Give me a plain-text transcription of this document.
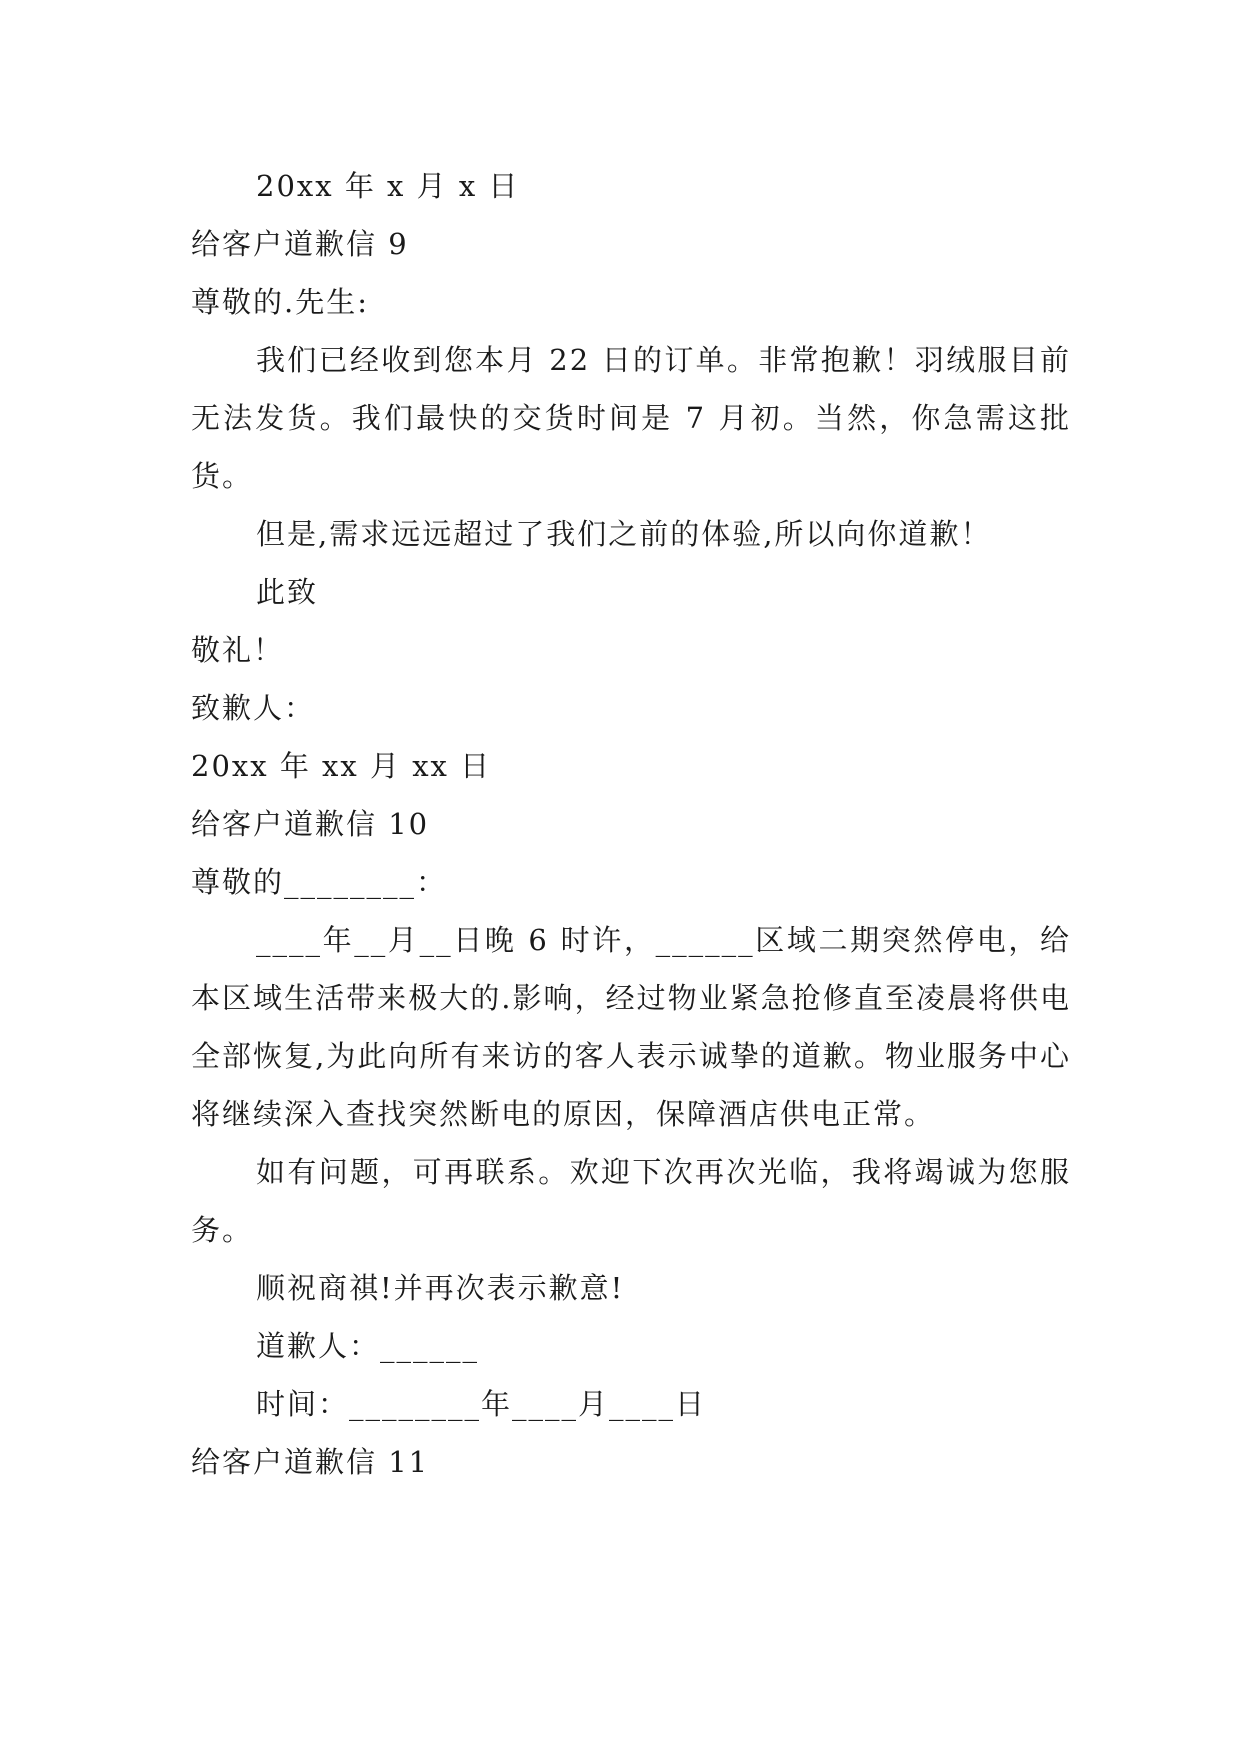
20xx 年 x 月 x 日

给客户道歉信 9

尊敬的.先生:

我们已经收到您本月 22 日的订单。非常抱歉！羽绒服目前无法发货。我们最快的交货时间是 7 月初。当然，你急需这批货。

但是,需求远远超过了我们之前的体验,所以向你道歉！

此致

敬礼！

致歉人：

20xx 年 xx 月 xx 日

给客户道歉信 10

尊敬的________：

____年__月__日晚 6 时许，______区域二期突然停电，给本区域生活带来极大的.影响，经过物业紧急抢修直至凌晨将供电全部恢复,为此向所有来访的客人表示诚挚的道歉。物业服务中心将继续深入查找突然断电的原因，保障酒店供电正常。

如有问题，可再联系。欢迎下次再次光临，我将竭诚为您服务。

顺祝商祺!并再次表示歉意!

道歉人：______

时间：________年____月____日

给客户道歉信 11
